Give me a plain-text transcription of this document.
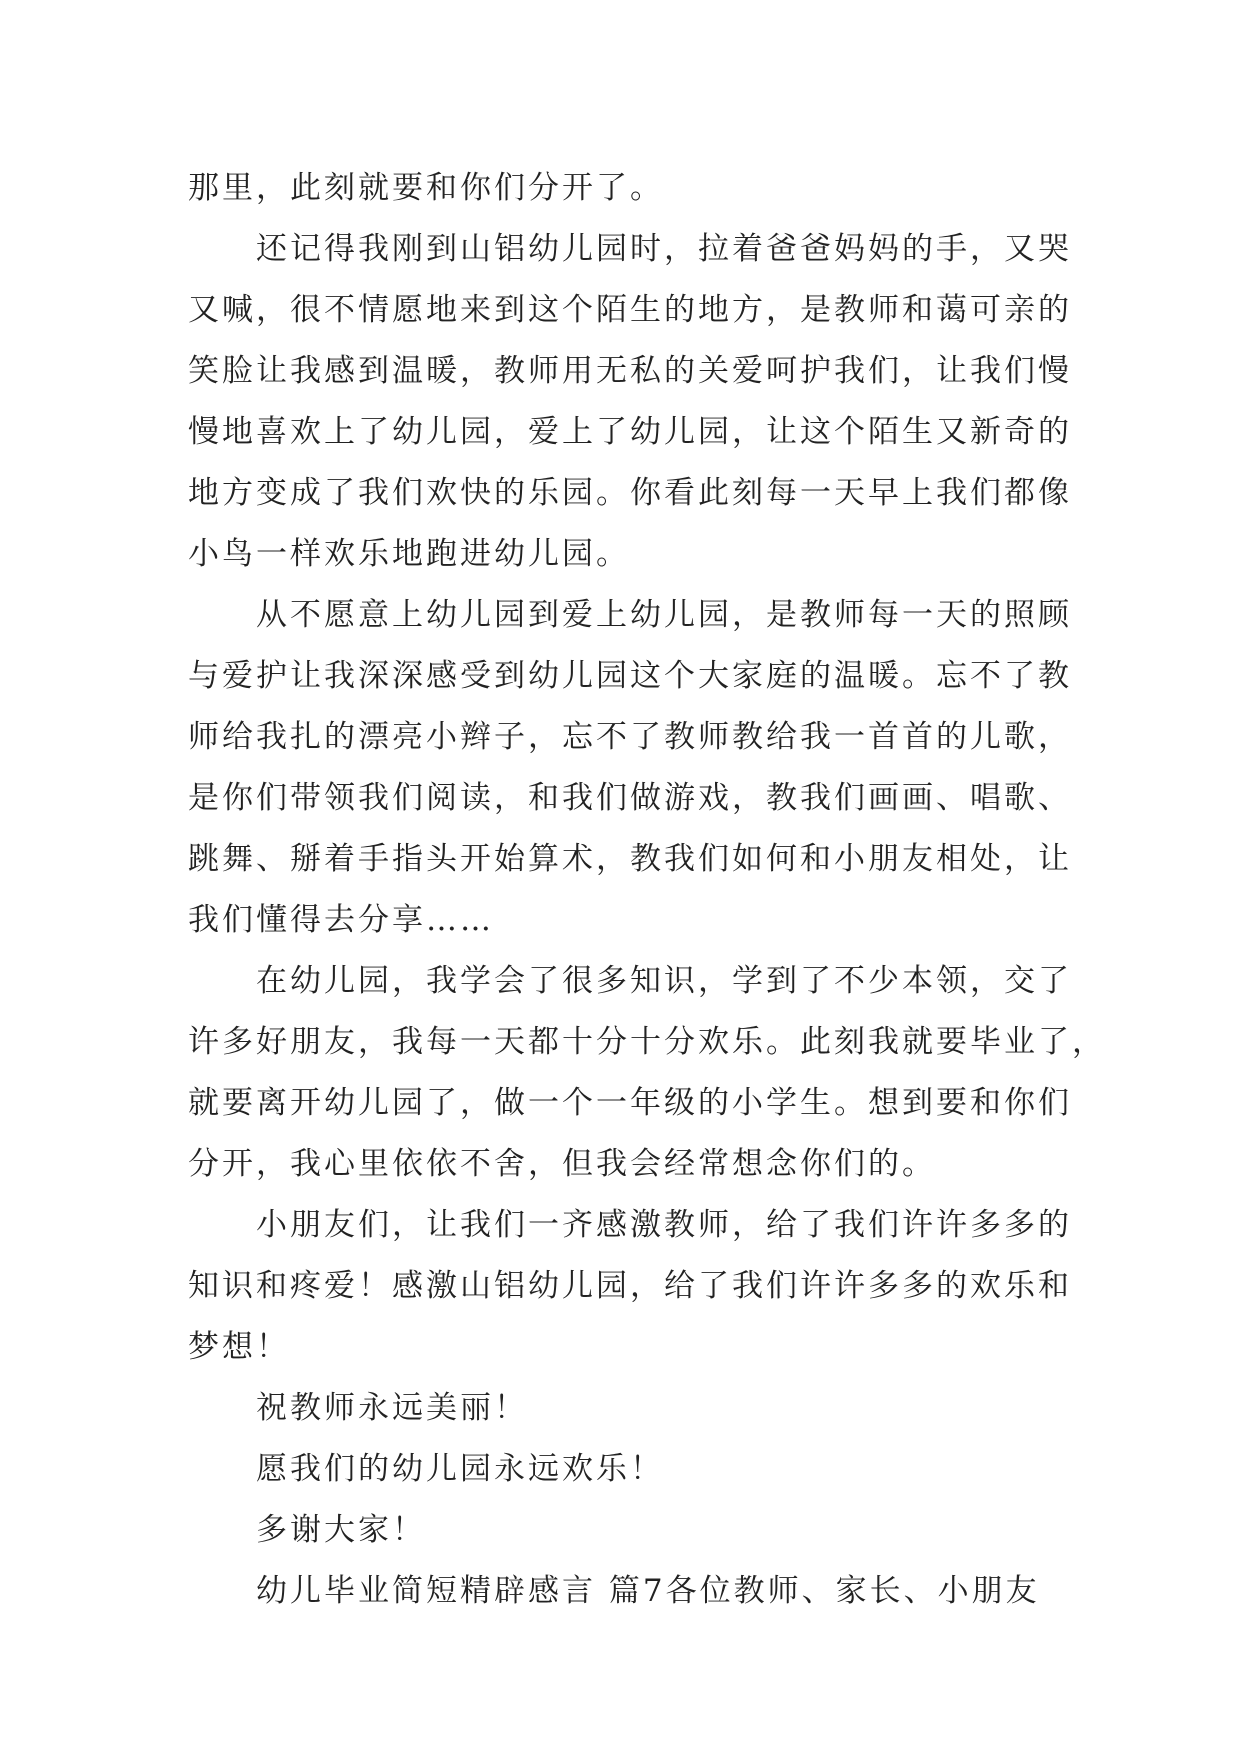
那里，此刻就要和你们分开了。
还记得我刚到山铝幼儿园时，拉着爸爸妈妈的手，又哭
又喊，很不情愿地来到这个陌生的地方，是教师和蔼可亲的
笑脸让我感到温暖，教师用无私的关爱呵护我们，让我们慢
慢地喜欢上了幼儿园，爱上了幼儿园，让这个陌生又新奇的
地方变成了我们欢快的乐园。你看此刻每一天早上我们都像
小鸟一样欢乐地跑进幼儿园。
从不愿意上幼儿园到爱上幼儿园，是教师每一天的照顾
与爱护让我深深感受到幼儿园这个大家庭的温暖。忘不了教
师给我扎的漂亮小辫子，忘不了教师教给我一首首的儿歌，
是你们带领我们阅读，和我们做游戏，教我们画画、唱歌、
跳舞、掰着手指头开始算术，教我们如何和小朋友相处，让
我们懂得去分享……
在幼儿园，我学会了很多知识，学到了不少本领，交了
许多好朋友，我每一天都十分十分欢乐。此刻我就要毕业了，
就要离开幼儿园了，做一个一年级的小学生。想到要和你们
分开，我心里依依不舍，但我会经常想念你们的。
小朋友们，让我们一齐感激教师，给了我们许许多多的
知识和疼爱！感激山铝幼儿园，给了我们许许多多的欢乐和
梦想！
祝教师永远美丽！
愿我们的幼儿园永远欢乐！
多谢大家！
幼儿毕业简短精辟感言 篇7各位教师、家长、小朋友
